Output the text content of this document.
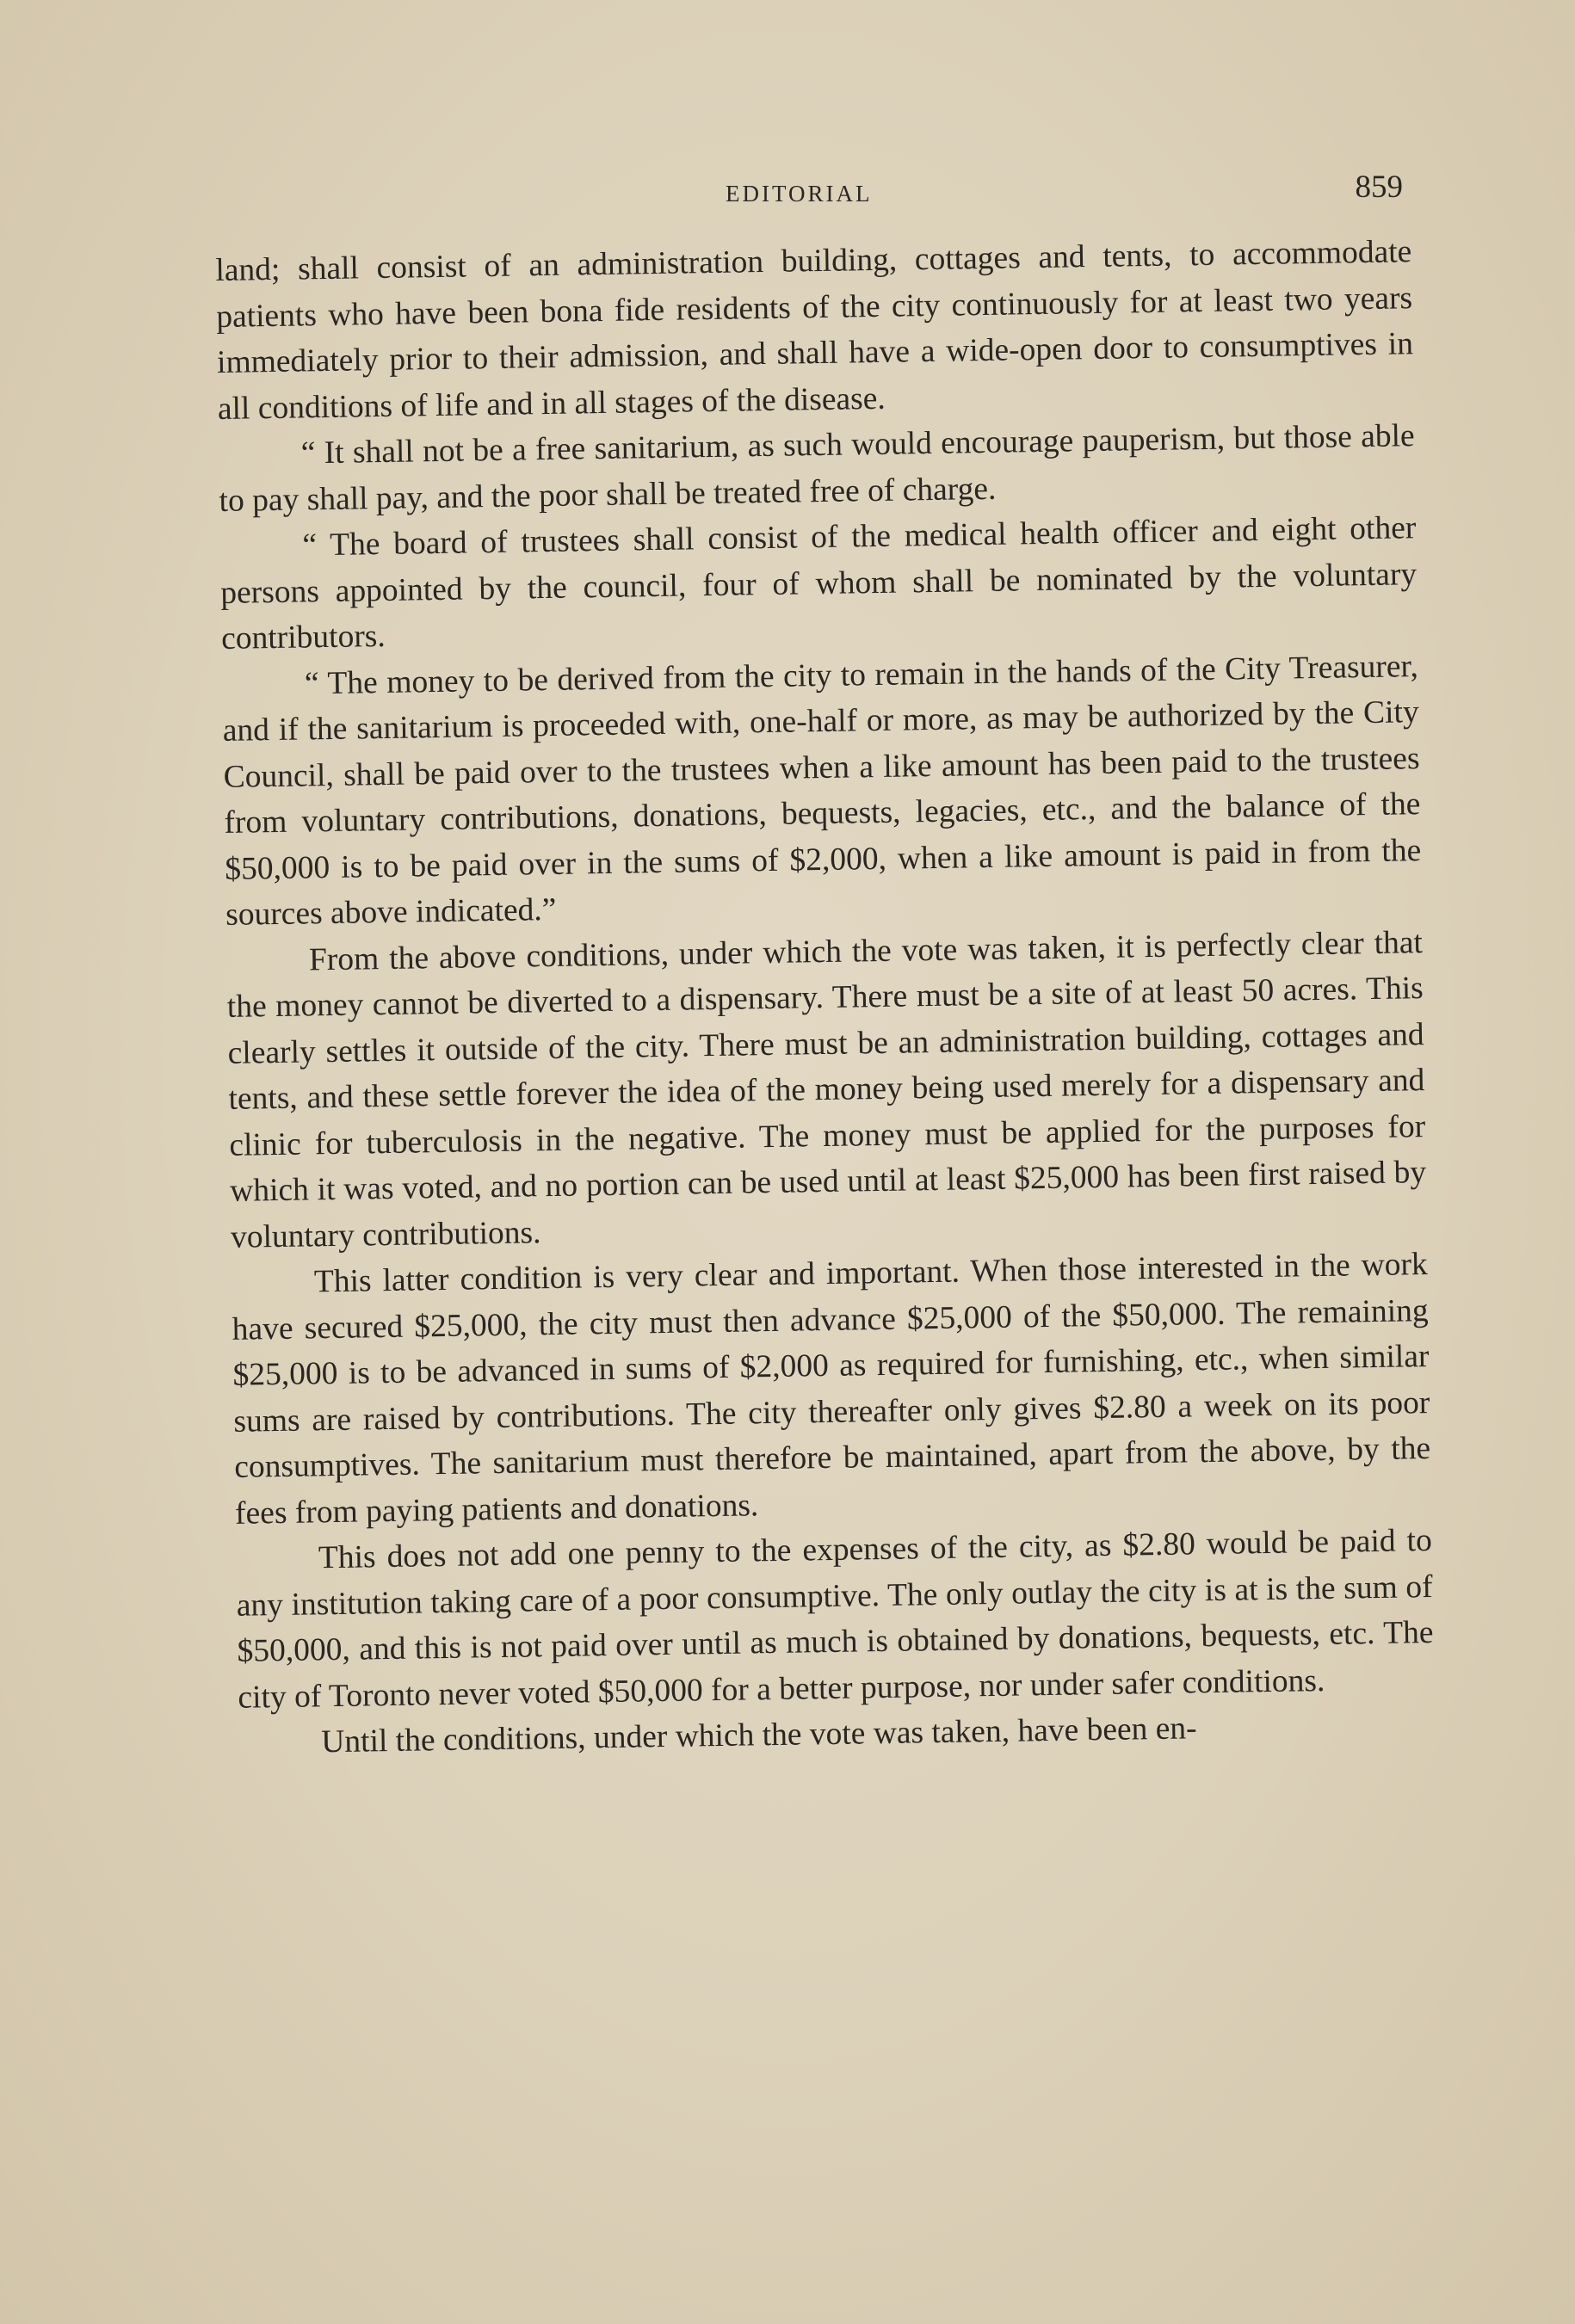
EDITORIAL	859

land; shall consist of an administration building, cottages and tents, to accommodate patients who have been bona fide residents of the city continuously for at least two years immediately prior to their admission, and shall have a wide-open door to consumptives in all conditions of life and in all stages of the disease.

“ It shall not be a free sanitarium, as such would encourage pauperism, but those able to pay shall pay, and the poor shall be treated free of charge.

“ The board of trustees shall consist of the medical health officer and eight other persons appointed by the council, four of whom shall be nominated by the voluntary contributors.

“ The money to be derived from the city to remain in the hands of the City Treasurer, and if the sanitarium is proceeded with, one-half or more, as may be authorized by the City Council, shall be paid over to the trustees when a like amount has been paid to the trustees from voluntary contributions, donations, bequests, legacies, etc., and the balance of the $50,000 is to be paid over in the sums of $2,000, when a like amount is paid in from the sources above indicated.”

From the above conditions, under which the vote was taken, it is perfectly clear that the money cannot be diverted to a dispensary. There must be a site of at least 50 acres. This clearly settles it outside of the city. There must be an administration building, cottages and tents, and these settle forever the idea of the money being used merely for a dispensary and clinic for tuberculosis in the negative. The money must be applied for the purposes for which it was voted, and no portion can be used until at least $25,000 has been first raised by voluntary contributions.

This latter condition is very clear and important. When those interested in the work have secured $25,000, the city must then advance $25,000 of the $50,000. The remaining $25,000 is to be advanced in sums of $2,000 as required for furnishing, etc., when similar sums are raised by contributions. The city thereafter only gives $2.80 a week on its poor consumptives. The sanitarium must therefore be maintained, apart from the above, by the fees from paying patients and donations.

This does not add one penny to the expenses of the city, as $2.80 would be paid to any institution taking care of a poor consumptive. The only outlay the city is at is the sum of $50,000, and this is not paid over until as much is obtained by donations, bequests, etc. The city of Toronto never voted $50,000 for a better purpose, nor under safer conditions.

Until the conditions, under which the vote was taken, have been en-
